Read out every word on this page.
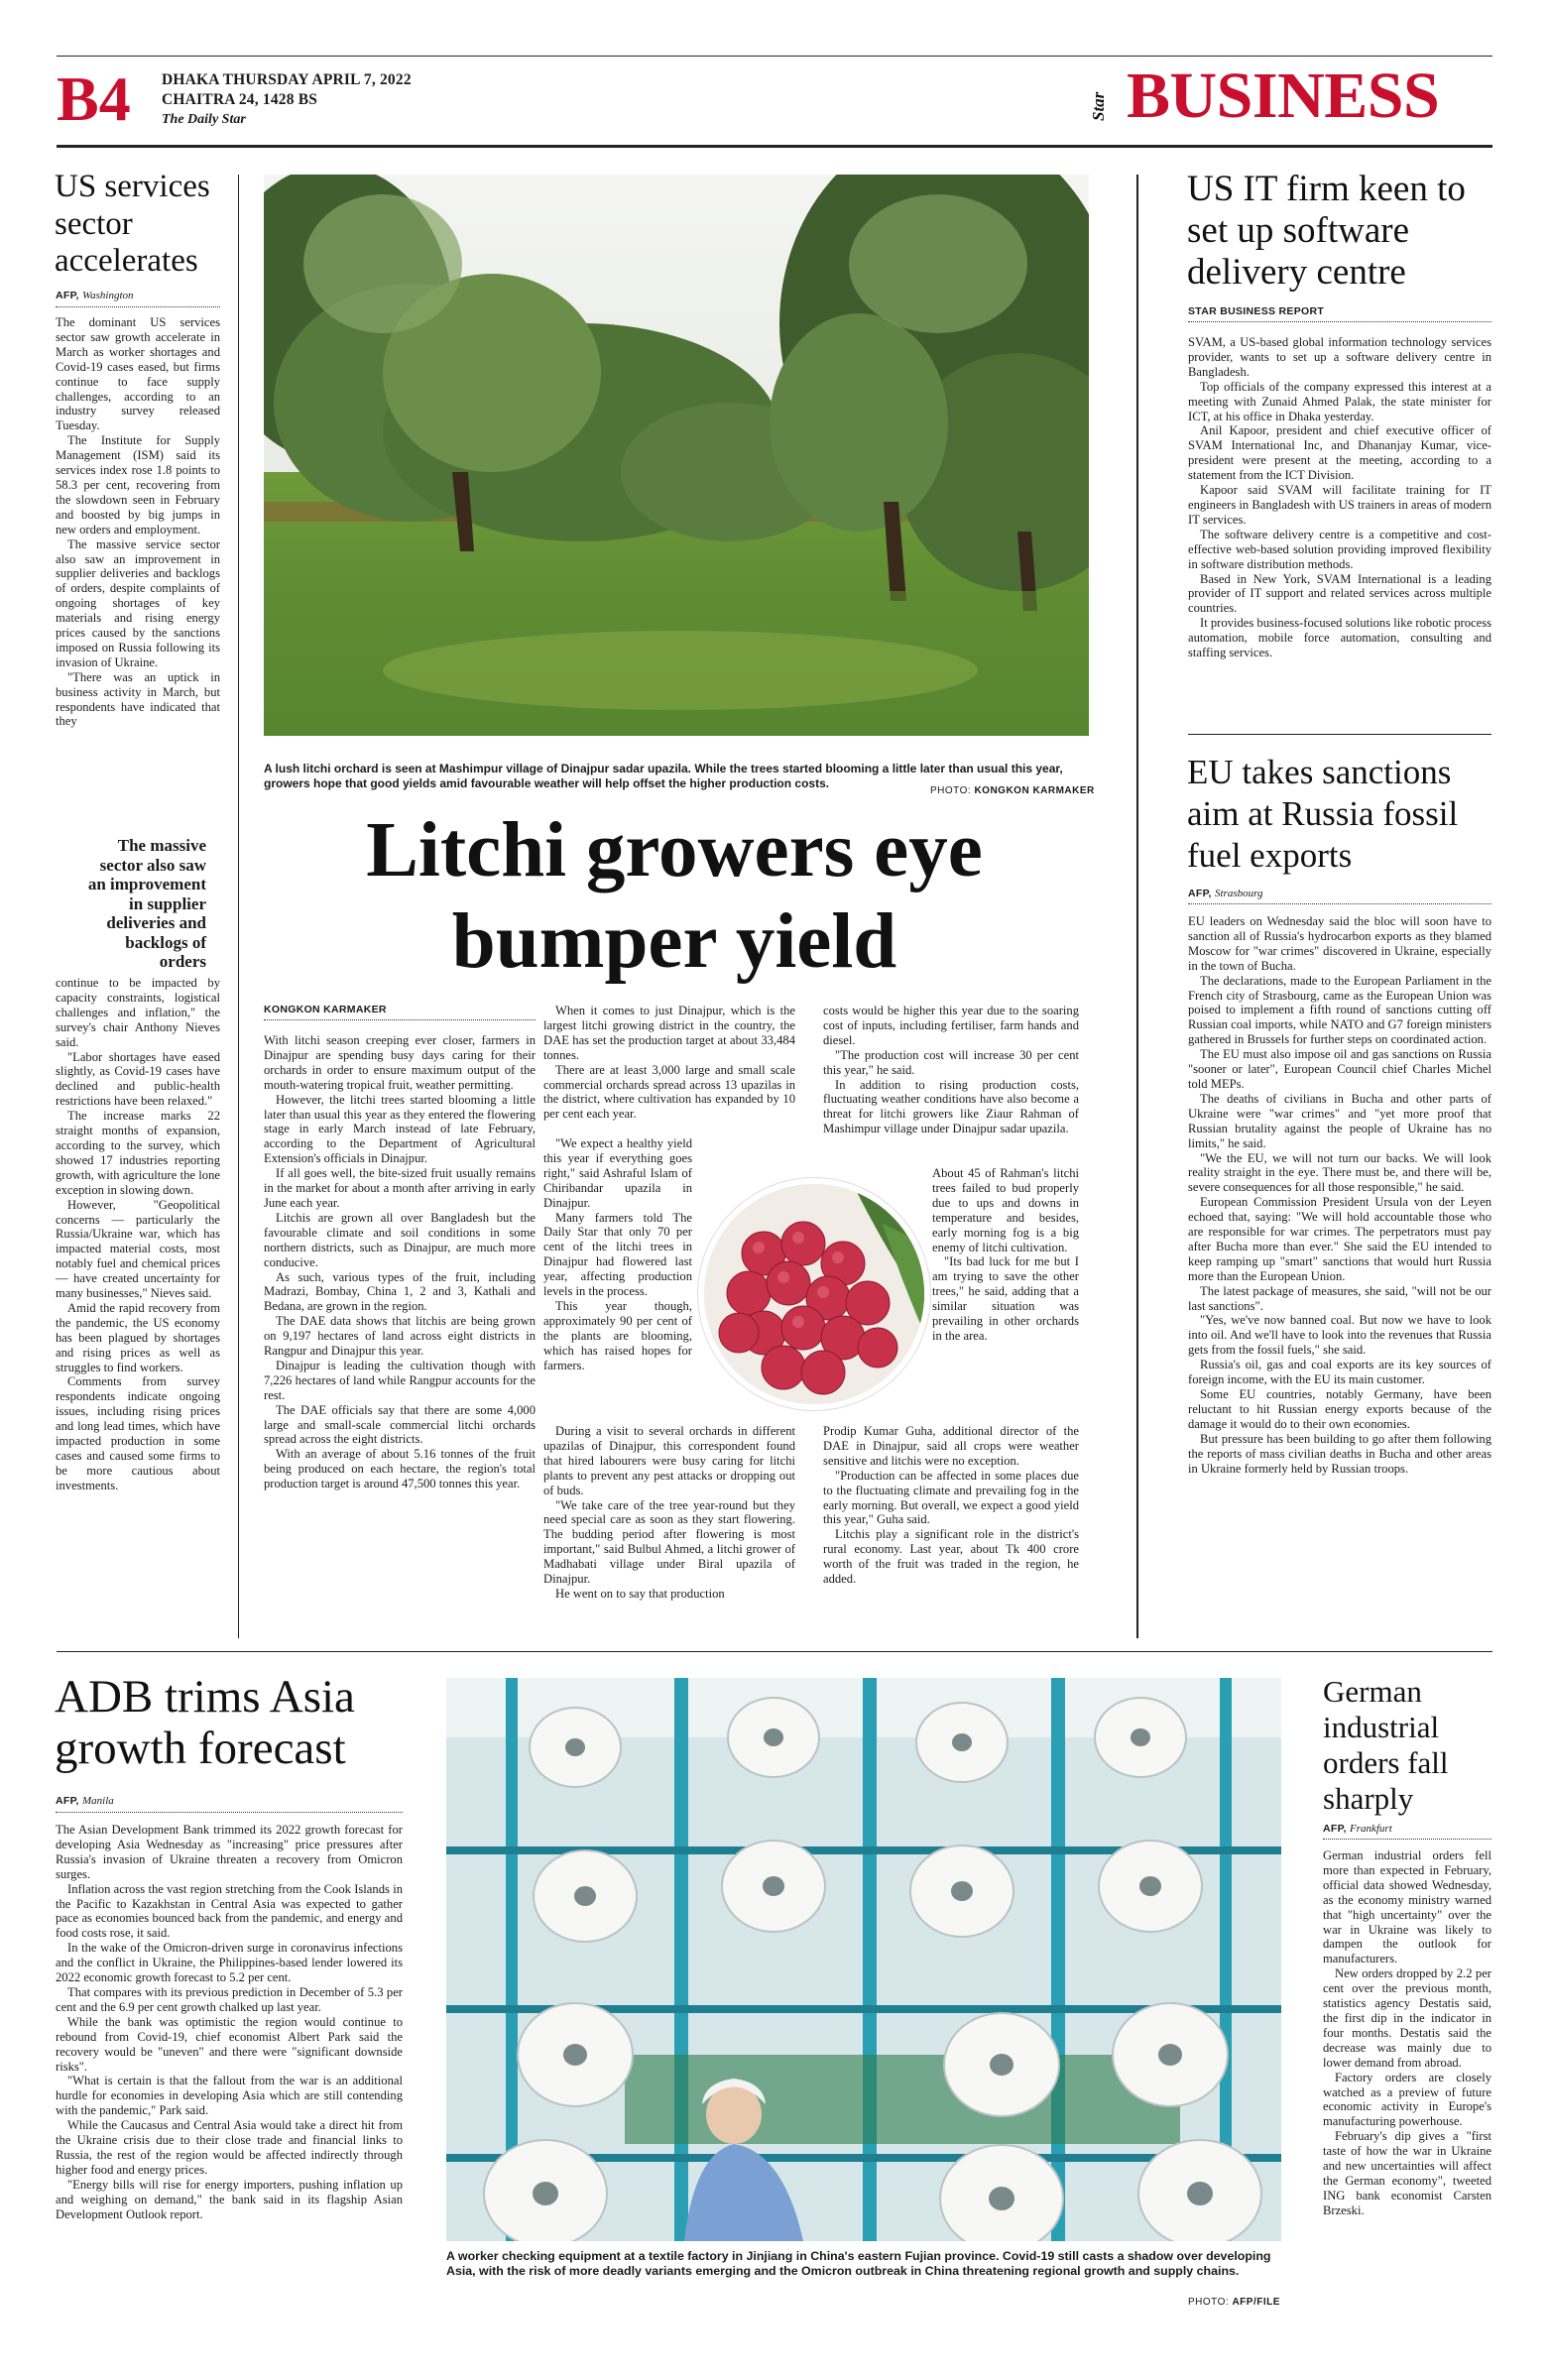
B4 DHAKA THURSDAY APRIL 7, 2022
CHAITRA 24, 1428 BS
The Daily Star	Star BUSINESS
US services sector accelerates
AFP, Washington

The dominant US services sector saw growth accelerate in March as worker shortages and Covid-19 cases eased, but firms continue to face supply challenges, according to an industry survey released Tuesday.

The Institute for Supply Management (ISM) said its services index rose 1.8 points to 58.3 per cent, recovering from the slowdown seen in February and boosted by big jumps in new orders and employment.

The massive service sector also saw an improvement in supplier deliveries and backlogs of orders, despite complaints of ongoing shortages of key materials and rising energy prices caused by the sanctions imposed on Russia following its invasion of Ukraine.

"There was an uptick in business activity in March, but respondents have indicated that they

The massive sector also saw an improvement in supplier deliveries and backlogs of orders

continue to be impacted by capacity constraints, logistical challenges and inflation," the survey's chair Anthony Nieves said.

"Labor shortages have eased slightly, as Covid-19 cases have declined and public-health restrictions have been relaxed."

The increase marks 22 straight months of expansion, according to the survey, which showed 17 industries reporting growth, with agriculture the lone exception in slowing down.

However, "Geopolitical concerns — particularly the Russia/Ukraine war, which has impacted material costs, most notably fuel and chemical prices — have created uncertainty for many businesses," Nieves said.

Amid the rapid recovery from the pandemic, the US economy has been plagued by shortages and rising prices as well as struggles to find workers.

Comments from survey respondents indicate ongoing issues, including rising prices and long lead times, which have impacted production in some cases and caused some firms to be more cautious about investments.

A lush litchi orchard is seen at Mashimpur village of Dinajpur sadar upazila. While the trees started blooming a little later than usual this year, growers hope that good yields amid favourable weather will help offset the higher production costs.
PHOTO: KONGKON KARMAKER
Litchi growers eye bumper yield
KONGKON KARMAKER

With litchi season creeping ever closer, farmers in Dinajpur are spending busy days caring for their orchards in order to ensure maximum output of the mouth-watering tropical fruit, weather permitting.

However, the litchi trees started blooming a little later than usual this year as they entered the flowering stage in early March instead of late February, according to the Department of Agricultural Extension's officials in Dinajpur.

If all goes well, the bite-sized fruit usually remains in the market for about a month after arriving in early June each year.

Litchis are grown all over Bangladesh but the favourable climate and soil conditions in some northern districts, such as Dinajpur, are much more conducive.

As such, various types of the fruit, including Madrazi, Bombay, China 1, 2 and 3, Kathali and Bedana, are grown in the region.

The DAE data shows that litchis are being grown on 9,197 hectares of land across eight districts in Rangpur and Dinajpur this year.

Dinajpur is leading the cultivation though with 7,226 hectares of land while Rangpur accounts for the rest.

The DAE officials say that there are some 4,000 large and small-scale commercial litchi orchards spread across the eight districts.

With an average of about 5.16 tonnes of the fruit being produced on each hectare, the region's total production target is around 47,500 tonnes this year.

When it comes to just Dinajpur, which is the largest litchi growing district in the country, the DAE has set the production target at about 33,484 tonnes.

There are at least 3,000 large and small scale commercial orchards spread across 13 upazilas in the district, where cultivation has expanded by 10 per cent each year.

"We expect a healthy yield this year if everything goes right," said Ashraful Islam of Chiribandar upazila in Dinajpur.

Many farmers told The Daily Star that only 70 per cent of the litchi trees in Dinajpur had flowered last year, affecting production levels in the process.

This year though, approximately 90 per cent of the plants are blooming, which has raised hopes for farmers.

During a visit to several orchards in different upazilas of Dinajpur, this correspondent found that hired labourers were busy caring for litchi plants to prevent any pest attacks or dropping out of buds.

"We take care of the tree year-round but they need special care as soon as they start flowering. The budding period after flowering is most important," said Bulbul Ahmed, a litchi grower of Madhabati village under Biral upazila of Dinajpur.

He went on to say that production

costs would be higher this year due to the soaring cost of inputs, including fertiliser, farm hands and diesel.

"The production cost will increase 30 per cent this year," he said.

In addition to rising production costs, fluctuating weather conditions have also become a threat for litchi growers like Ziaur Rahman of Mashimpur village under Dinajpur sadar upazila.

About 45 of Rahman's litchi trees failed to bud properly due to ups and downs in temperature and besides, early morning fog is a big enemy of litchi cultivation.

"Its bad luck for me but I am trying to save the other trees," he said, adding that a similar situation was prevailing in other orchards in the area.

Prodip Kumar Guha, additional director of the DAE in Dinajpur, said all crops were weather sensitive and litchis were no exception.

"Production can be affected in some places due to the fluctuating climate and prevailing fog in the early morning. But overall, we expect a good yield this year," Guha said.

Litchis play a significant role in the district's rural economy. Last year, about Tk 400 crore worth of the fruit was traded in the region, he added.

US IT firm keen to set up software delivery centre
STAR BUSINESS REPORT

SVAM, a US-based global information technology services provider, wants to set up a software delivery centre in Bangladesh.

Top officials of the company expressed this interest at a meeting with Zunaid Ahmed Palak, the state minister for ICT, at his office in Dhaka yesterday.

Anil Kapoor, president and chief executive officer of SVAM International Inc, and Dhananjay Kumar, vice-president were present at the meeting, according to a statement from the ICT Division.

Kapoor said SVAM will facilitate training for IT engineers in Bangladesh with US trainers in areas of modern IT services.

The software delivery centre is a competitive and cost-effective web-based solution providing improved flexibility in software distribution methods.

Based in New York, SVAM International is a leading provider of IT support and related services across multiple countries.

It provides business-focused solutions like robotic process automation, mobile force automation, consulting and staffing services.

EU takes sanctions aim at Russia fossil fuel exports
AFP, Strasbourg

EU leaders on Wednesday said the bloc will soon have to sanction all of Russia's hydrocarbon exports as they blamed Moscow for "war crimes" discovered in Ukraine, especially in the town of Bucha.

The declarations, made to the European Parliament in the French city of Strasbourg, came as the European Union was poised to implement a fifth round of sanctions cutting off Russian coal imports, while NATO and G7 foreign ministers gathered in Brussels for further steps on coordinated action.

The EU must also impose oil and gas sanctions on Russia "sooner or later", European Council chief Charles Michel told MEPs.

The deaths of civilians in Bucha and other parts of Ukraine were "war crimes" and "yet more proof that Russian brutality against the people of Ukraine has no limits," he said.

"We the EU, we will not turn our backs. We will look reality straight in the eye. There must be, and there will be, severe consequences for all those responsible," he said.

European Commission President Ursula von der Leyen echoed that, saying: "We will hold accountable those who are responsible for war crimes. The perpetrators must pay after Bucha more than ever." She said the EU intended to keep ramping up "smart" sanctions that would hurt Russia more than the European Union.

The latest package of measures, she said, "will not be our last sanctions".

"Yes, we've now banned coal. But now we have to look into oil. And we'll have to look into the revenues that Russia gets from the fossil fuels," she said.

Russia's oil, gas and coal exports are its key sources of foreign income, with the EU its main customer.

Some EU countries, notably Germany, have been reluctant to hit Russian energy exports because of the damage it would do to their own economies.

But pressure has been building to go after them following the reports of mass civilian deaths in Bucha and other areas in Ukraine formerly held by Russian troops.

ADB trims Asia growth forecast
AFP, Manila

The Asian Development Bank trimmed its 2022 growth forecast for developing Asia Wednesday as "increasing" price pressures after Russia's invasion of Ukraine threaten a recovery from Omicron surges.

Inflation across the vast region stretching from the Cook Islands in the Pacific to Kazakhstan in Central Asia was expected to gather pace as economies bounced back from the pandemic, and energy and food costs rose, it said.

In the wake of the Omicron-driven surge in coronavirus infections and the conflict in Ukraine, the Philippines-based lender lowered its 2022 economic growth forecast to 5.2 per cent.

That compares with its previous prediction in December of 5.3 per cent and the 6.9 per cent growth chalked up last year.

While the bank was optimistic the region would continue to rebound from Covid-19, chief economist Albert Park said the recovery would be "uneven" and there were "significant downside risks".

"What is certain is that the fallout from the war is an additional hurdle for economies in developing Asia which are still contending with the pandemic," Park said.

While the Caucasus and Central Asia would take a direct hit from the Ukraine crisis due to their close trade and financial links to Russia, the rest of the region would be affected indirectly through higher food and energy prices.

"Energy bills will rise for energy importers, pushing inflation up and weighing on demand," the bank said in its flagship Asian Development Outlook report.

A worker checking equipment at a textile factory in Jinjiang in China's eastern Fujian province. Covid-19 still casts a shadow over developing Asia, with the risk of more deadly variants emerging and the Omicron outbreak in China threatening regional growth and supply chains.
PHOTO: AFP/FILE
German industrial orders fall sharply
AFP, Frankfurt

German industrial orders fell more than expected in February, official data showed Wednesday, as the economy ministry warned that "high uncertainty" over the war in Ukraine was likely to dampen the outlook for manufacturers.

New orders dropped by 2.2 per cent over the previous month, statistics agency Destatis said, the first dip in the indicator in four months. Destatis said the decrease was mainly due to lower demand from abroad.

Factory orders are closely watched as a preview of future economic activity in Europe's manufacturing powerhouse.

February's dip gives a "first taste of how the war in Ukraine and new uncertainties will affect the German economy", tweeted ING bank economist Carsten Brzeski.
